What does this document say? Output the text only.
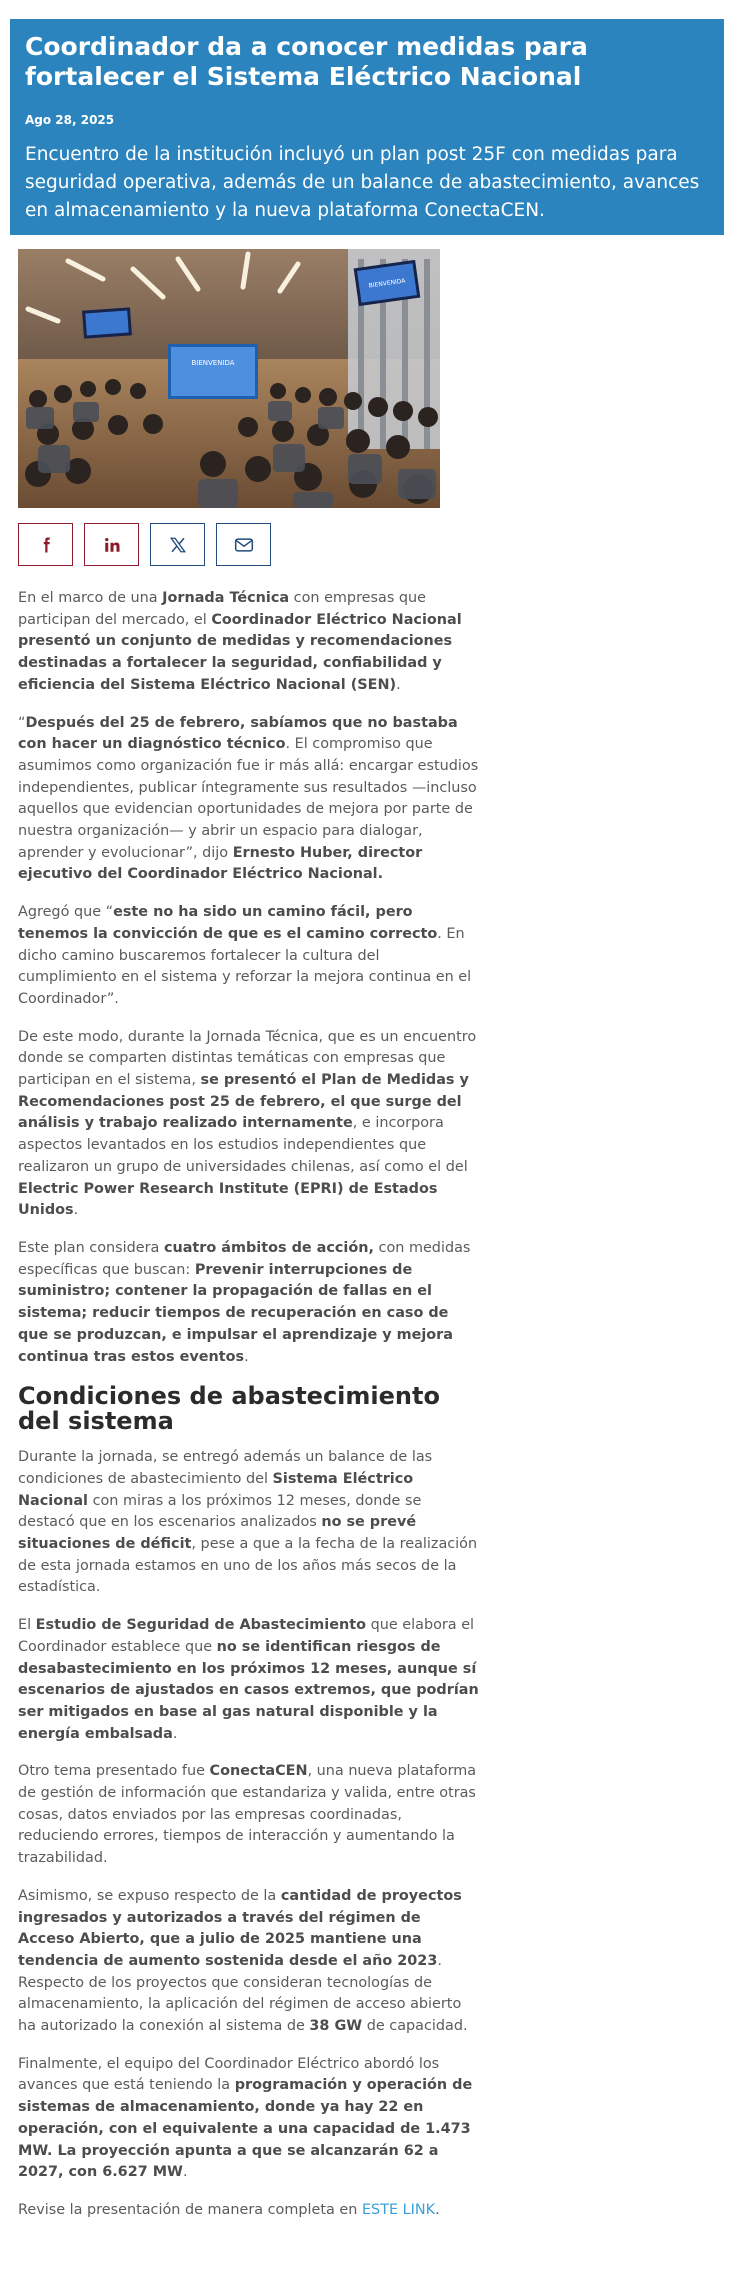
Coordinador da a conocer medidas para fortalecer el Sistema Eléctrico Nacional
Ago 28, 2025
Encuentro de la institución incluyó un plan post 25F con medidas para seguridad operativa, además de un balance de abastecimiento, avances en almacenamiento y la nueva plataforma ConectaCEN.
BIENVENIDA
BIENVENIDA

En el marco de una Jornada Técnica con empresas que participan del mercado, el Coordinador Eléctrico Nacional presentó un conjunto de medidas y recomendaciones destinadas a fortalecer la seguridad, confiabilidad y eficiencia del Sistema Eléctrico Nacional (SEN).

“Después del 25 de febrero, sabíamos que no bastaba con hacer un diagnóstico técnico. El compromiso que asumimos como organización fue ir más allá: encargar estudios independientes, publicar íntegramente sus resultados —incluso aquellos que evidencian oportunidades de mejora por parte de nuestra organización— y abrir un espacio para dialogar, aprender y evolucionar”, dijo Ernesto Huber, director ejecutivo del Coordinador Eléctrico Nacional.

Agregó que “este no ha sido un camino fácil, pero tenemos la convicción de que es el camino correcto. En dicho camino buscaremos fortalecer la cultura del cumplimiento en el sistema y reforzar la mejora continua en el Coordinador”.

De este modo, durante la Jornada Técnica, que es un encuentro donde se comparten distintas temáticas con empresas que participan en el sistema, se presentó el Plan de Medidas y Recomendaciones post 25 de febrero, el que surge del análisis y trabajo realizado internamente, e incorpora aspectos levantados en los estudios independientes que realizaron un grupo de universidades chilenas, así como el del Electric Power Research Institute (EPRI) de Estados Unidos.

Este plan considera cuatro ámbitos de acción, con medidas específicas que buscan: Prevenir interrupciones de suministro; contener la propagación de fallas en el sistema; reducir tiempos de recuperación en caso de que se produzcan, e impulsar el aprendizaje y mejora continua tras estos eventos.

Condiciones de abastecimiento del sistema

Durante la jornada, se entregó además un balance de las condiciones de abastecimiento del Sistema Eléctrico Nacional con miras a los próximos 12 meses, donde se destacó que en los escenarios analizados no se prevé situaciones de déficit, pese a que a la fecha de la realización de esta jornada estamos en uno de los años más secos de la estadística.

El Estudio de Seguridad de Abastecimiento que elabora el Coordinador establece que no se identifican riesgos de desabastecimiento en los próximos 12 meses, aunque sí escenarios de ajustados en casos extremos, que podrían ser mitigados en base al gas natural disponible y la energía embalsada.

Otro tema presentado fue ConectaCEN, una nueva plataforma de gestión de información que estandariza y valida, entre otras cosas, datos enviados por las empresas coordinadas, reduciendo errores, tiempos de interacción y aumentando la trazabilidad.

Asimismo, se expuso respecto de la cantidad de proyectos ingresados y autorizados a través del régimen de Acceso Abierto, que a julio de 2025 mantiene una tendencia de aumento sostenida desde el año 2023. Respecto de los proyectos que consideran tecnologías de almacenamiento, la aplicación del régimen de acceso abierto ha autorizado la conexión al sistema de 38 GW de capacidad.

Finalmente, el equipo del Coordinador Eléctrico abordó los avances que está teniendo la programación y operación de sistemas de almacenamiento, donde ya hay 22 en operación, con el equivalente a una capacidad de 1.473 MW. La proyección apunta a que se alcanzarán 62 a 2027, con 6.627 MW.

Revise la presentación de manera completa en ESTE LINK.
